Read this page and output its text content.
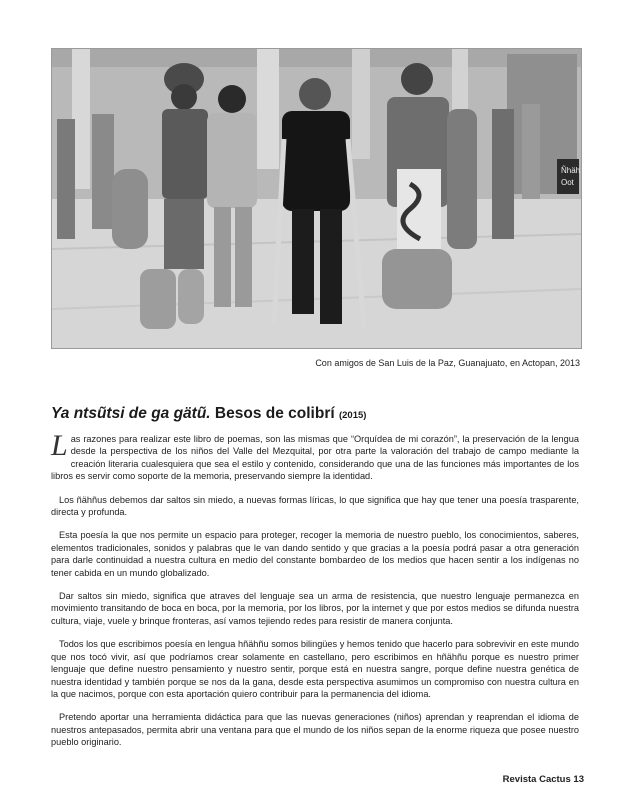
Ñhäh
Oot
Con amigos de San Luis de la Paz, Guanajuato, en Actopan, 2013
Ya ntsũtsi de ga gätũ. Besos de colibrí (2015)

Las razones para realizar este libro de poemas, son las mismas que “Orquídea de mi corazón”, la preservación de la lengua desde la perspectiva de los niños del Valle del Mezquital, por otra parte la valoración del trabajo de campo mediante la creación literaria cualesquiera que sea el estilo y contenido, considerando que una de las funciones más importantes de los libros es servir como soporte de la memoria, preservando siempre la identidad.

Los ñähñus debemos dar saltos sin miedo, a nuevas formas líricas, lo que significa que hay que tener una poesía trasparente, directa y profunda.

Esta poesía la que nos permite un espacio para proteger, recoger la memoria de nuestro pueblo, los conocimientos, saberes, elementos tradicionales, sonidos y palabras que le van dando sentido y que gracias a la poesía podrá pasar a otra generación para darle continuidad a nuestra cultura en medio del constante bombardeo de los medios que hacen sentir a los indígenas no tener cabida en un mundo globalizado.

Dar saltos sin miedo, significa que atraves del lenguaje sea un arma de resistencia, que nuestro lenguaje permanezca en movimiento transitando de boca en boca, por la memoria, por los libros, por la internet y que por estos medios se difunda nuestra cultura, viaje, vuele y brinque fronteras, así vamos tejiendo redes para resistir de manera conjunta.

Todos los que escribimos poesía en lengua hñähñu somos bilingües y hemos tenido que hacerlo para sobrevivir en este mundo que nos tocó vivir, así que podríamos crear solamente en castellano, pero escribimos en hñähñu porque es nuestro primer lenguaje que define nuestro pensamiento y nuestro sentir, porque está en nuestra sangre, porque define nuestra genética de nuestra identidad y también porque se nos da la gana, desde esta perspectiva asumimos un compromiso con nuestra cultura en la que nacimos, porque con esta aportación quiero contribuir para la permanencia del idioma.

Pretendo aportar una herramienta didáctica para que las nuevas generaciones (niños) aprendan y reaprendan el idioma de nuestros antepasados, permita abrir una ventana para que el mundo de los niños sepan de la enorme riqueza que posee nuestro pueblo originario.

Revista Cactus 13
